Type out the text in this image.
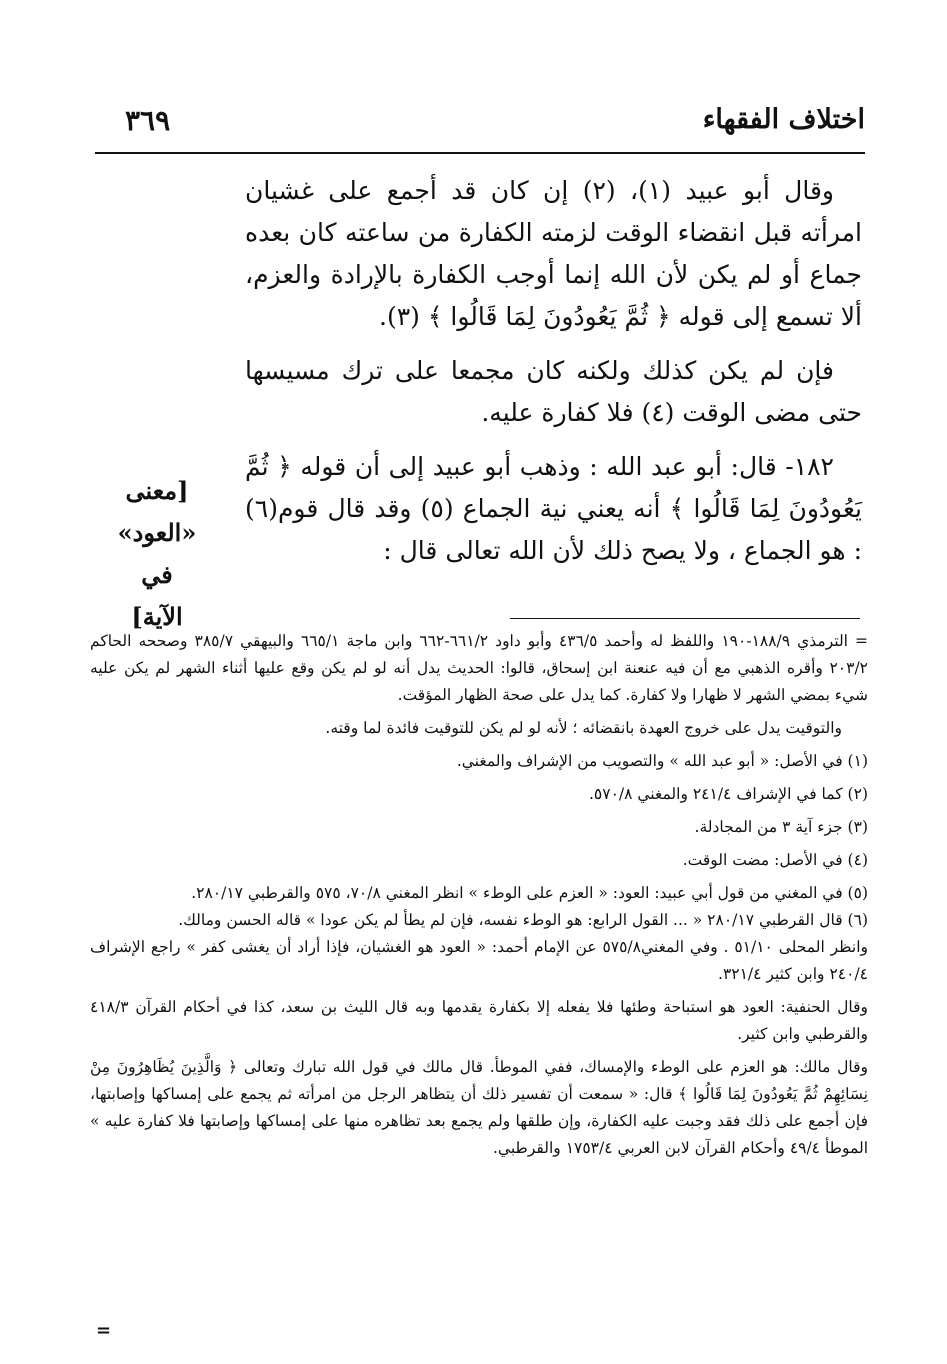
اختلاف الفقهاء
٣٦٩

وقال أبو عبيد (١)، (٢) إن كان قد أجمع على غشيان امرأته قبل انقضاء الوقت لزمته الكفارة من ساعته كان بعده جماع أو لم يكن لأن الله إنما أوجب الكفارة بالإرادة والعزم، ألا تسمع إلى قوله ﴿ ثُمَّ يَعُودُونَ لِمَا قَالُوا ﴾ (٣).

فإن لم يكن كذلك ولكنه كان مجمعا على ترك مسيسها حتى مضى الوقت (٤) فلا كفارة عليه.

١٨٢- قال: أبو عبد الله : وذهب أبو عبيد إلى أن قوله ﴿ ثُمَّ يَعُودُونَ لِمَا قَالُوا ﴾ أنه يعني نية الجماع (٥) وقد قال قوم(٦) : هو الجماع ، ولا يصح ذلك لأن الله تعالى قال :

[معنى
«العود» في
الآية]

= الترمذي ١٨٨/٩-١٩٠ واللفظ له وأحمد ٤٣٦/٥ وأبو داود ٦٦١/٢-٦٦٢ وابن ماجة ٦٦٥/١ والبيهقي ٣٨٥/٧ وصححه الحاكم ٢٠٣/٢ وأقره الذهبي مع أن فيه عنعنة ابن إسحاق، قالوا: الحديث يدل أنه لو لم يكن وقع عليها أثناء الشهر لم يكن عليه شيء بمضي الشهر لا ظهارا ولا كفارة. كما يدل على صحة الظهار المؤقت.

والتوقيت يدل على خروج العهدة بانقضائه ؛ لأنه لو لم يكن للتوقيت فائدة لما وقته.

(١) في الأصل: « أبو عبد الله » والتصويب من الإشراف والمغني.

(٢) كما في الإشراف ٢٤١/٤ والمغني ٥٧٠/٨.

(٣) جزء آية ٣ من المجادلة.

(٤) في الأصل: مضت الوقت.

(٥) في المغني من قول أبي عبيد: العود: « العزم على الوطء » انظر المغني ٧٠/٨، ٥٧٥ والقرطبي ٢٨٠/١٧.

(٦) قال القرطبي ٢٨٠/١٧ « ... القول الرابع: هو الوطء نفسه، فإن لم يطأ لم يكن عودا » قاله الحسن ومالك.

وانظر المحلى ٥١/١٠ . وفي المغني٥٧٥/٨ عن الإمام أحمد: « العود هو الغشيان، فإذا أراد أن يغشى كفر » راجع الإشراف ٢٤٠/٤ وابن كثير ٣٢١/٤.

وقال الحنفية: العود هو استباحة وطئها فلا يفعله إلا بكفارة يقدمها وبه قال الليث بن سعد، كذا في أحكام القرآن ٤١٨/٣ والقرطبي وابن كثير.

وقال مالك: هو العزم على الوطء والإمساك، ففي الموطأ. قال مالك في قول الله تبارك وتعالى ﴿ وَالَّذِينَ يُظَاهِرُونَ مِنْ نِسَائِهِمْ ثُمَّ يَعُودُونَ لِمَا قَالُوا ﴾ قال: « سمعت أن تفسير ذلك أن يتظاهر الرجل من امرأته ثم يجمع على إمساكها وإصابتها، فإن أجمع على ذلك فقد وجبت عليه الكفارة، وإن طلقها ولم يجمع بعد تظاهره منها على إمساكها وإصابتها فلا كفارة عليه » الموطأ ٤٩/٤ وأحكام القرآن لابن العربي ١٧٥٣/٤ والقرطبي.

=
